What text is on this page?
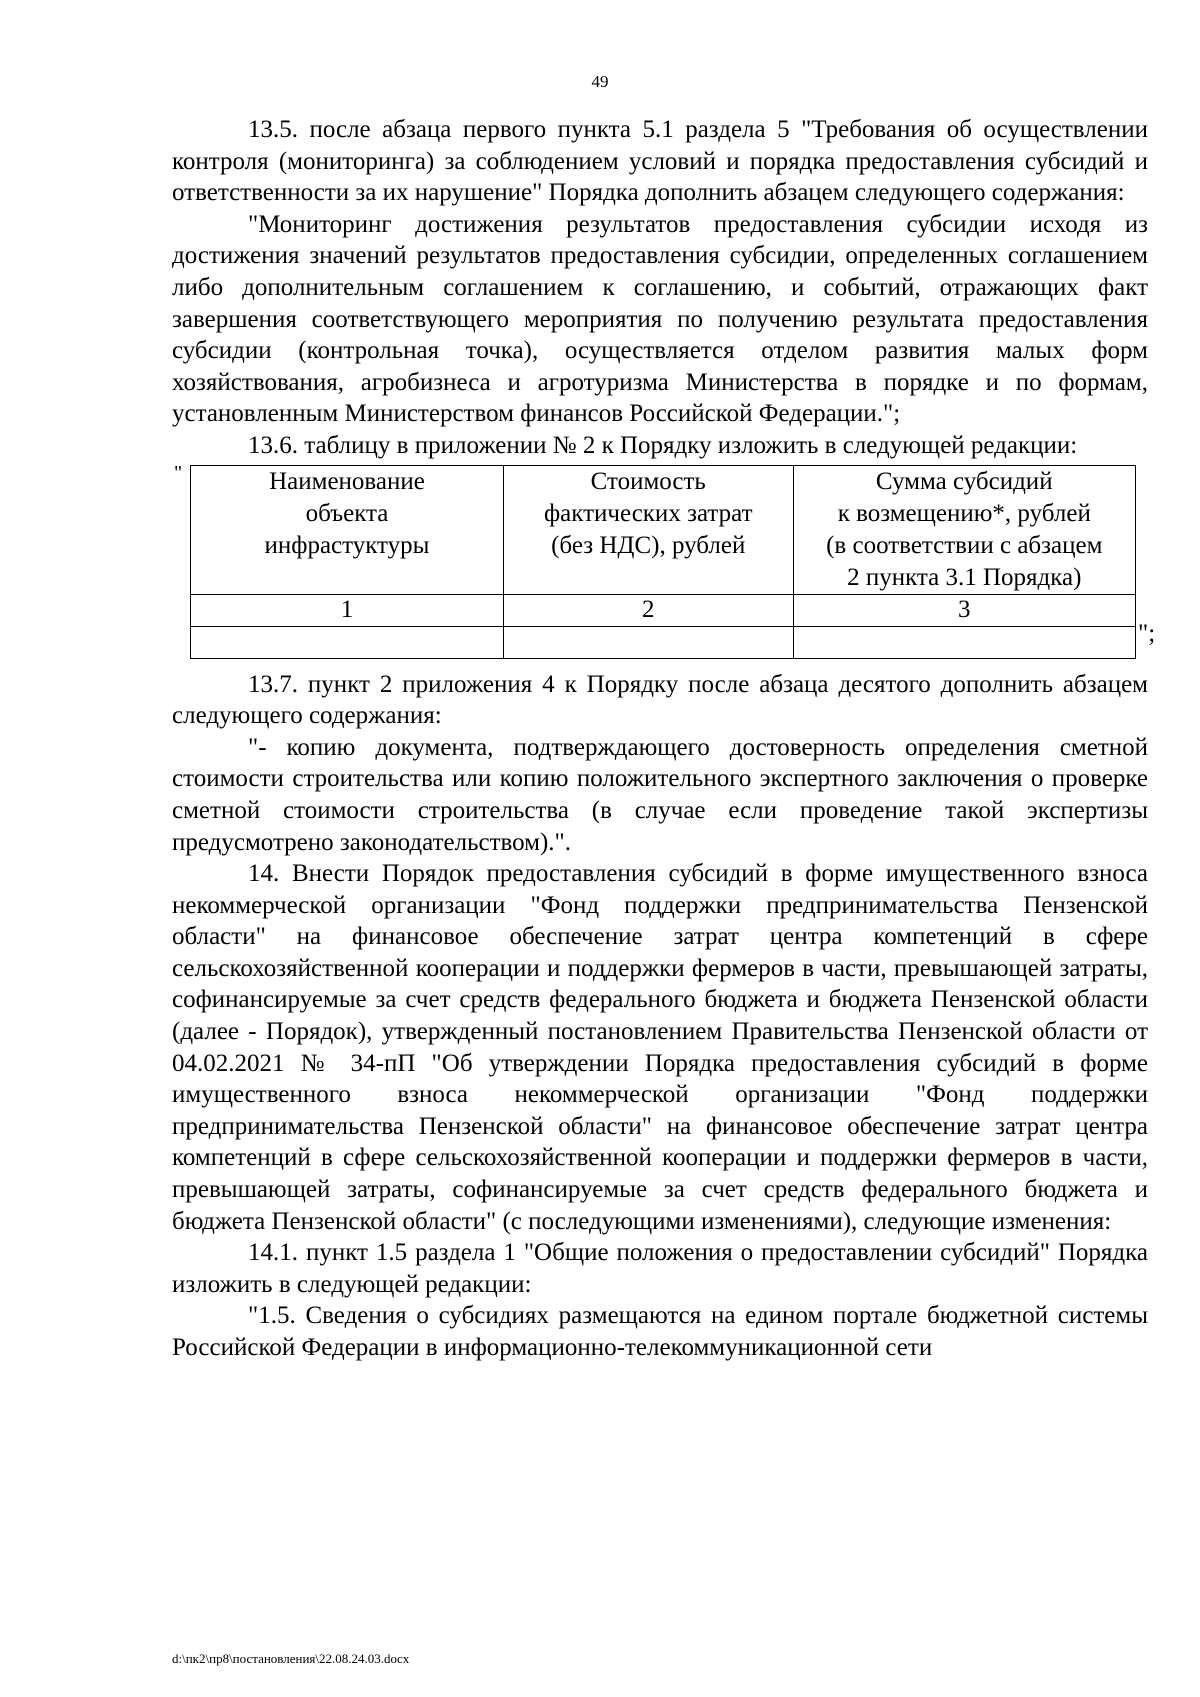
49

13.5. после абзаца первого пункта 5.1 раздела 5 "Требования об осуществлении контроля (мониторинга) за соблюдением условий и порядка предоставления субсидий и ответственности за их нарушение" Порядка дополнить абзацем следующего содержания:

"Мониторинг достижения результатов предоставления субсидии исходя из достижения значений результатов предоставления субсидии, определенных соглашением либо дополнительным соглашением к соглашению, и событий, отражающих факт завершения соответствующего мероприятия по получению результата предоставления субсидии (контрольная точка), осуществляется отделом развития малых форм хозяйствования, агробизнеса и агротуризма Министерства в порядке и по формам, установленным Министерством финансов Российской Федерации.";

13.6. таблицу в приложении № 2 к Порядку изложить в следующей редакции:

"	Наименование
объекта
инфрастуктуры	Стоимость
фактических затрат
(без НДС), рублей	Сумма субсидий
к возмещению*, рублей
(в соответствии с абзацем
2 пункта 3.1 Порядка)

1	2	3

";

13.7. пункт 2 приложения 4 к Порядку после абзаца десятого дополнить абзацем следующего содержания:

"- копию документа, подтверждающего достоверность определения сметной стоимости строительства или копию положительного экспертного заключения о проверке сметной стоимости строительства (в случае если проведение такой экспертизы предусмотрено законодательством).".

14. Внести Порядок предоставления субсидий в форме имущественного взноса некоммерческой организации "Фонд поддержки предпринимательства Пензенской области" на финансовое обеспечение затрат центра компетенций в сфере сельскохозяйственной кооперации и поддержки фермеров в части, превышающей затраты, софинансируемые за счет средств федерального бюджета и бюджета Пензенской области (далее - Порядок), утвержденный постановлением Правительства Пензенской области от 04.02.2021 № 34-пП "Об утверждении Порядка предоставления субсидий в форме имущественного взноса некоммерческой организации "Фонд поддержки предпринимательства Пензенской области" на финансовое обеспечение затрат центра компетенций в сфере сельскохозяйственной кооперации и поддержки фермеров в части, превышающей затраты, софинансируемые за счет средств федерального бюджета и бюджета Пензенской области" (с последующими изменениями), следующие изменения:

14.1. пункт 1.5 раздела 1 "Общие положения о предоставлении субсидий" Порядка изложить в следующей редакции:

"1.5. Сведения о субсидиях размещаются на едином портале бюджетной системы Российской Федерации в информационно-телекоммуникационной сети

d:\пк2\пр8\постановления\22.08.24.03.docx
